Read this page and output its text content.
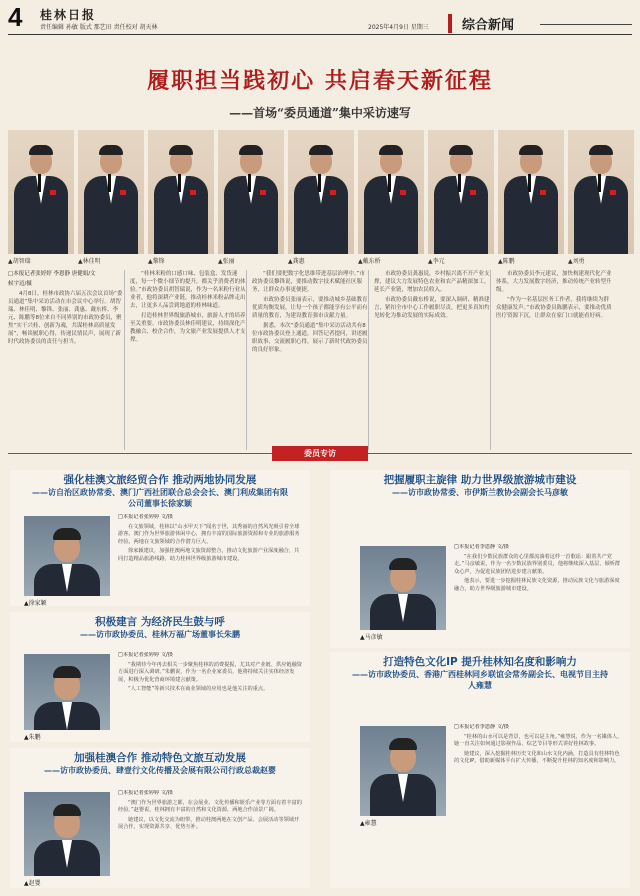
4 桂林日报
责任编辑 孙敏 版式 那艺田 责任校对 胡天林	2025年4月9日 星期三	综合新闻
履职担当践初心 共启春天新征程
——首场“委员通道”集中采访速写
▲胡智瑞	▲林佳明	▲黎锋	▲张丽	▲龚惠	▲戴东桥	▲李元	▲陈鹏	▲刘勇

□本报记者张婷婷 李恩静 唐健娟/文

候宇迈/摄

4月8日，桂林市政协六届五次会议首场“委员通道”集中采访活动在市会议中心举行。胡智瑞、林佳明、黎锋、张丽、龚惠、戴东桥、李元、陈鹏等8位来自不同界别的市政协委员，聚焦“实干兴桂、创新为魂，共谋桂林高质量发展”，畅谈履职心得，传递民情民声，展现了新时代政协委员的责任与担当。

“桂林米粉的口感口味、包装盒、发货速度，每一个微小细节的提升，都关乎消费者的体验。”市政协委员胡智瑞说，作为一名米粉行业从业者，他将深耕产业链，推动桂林米粉品牌走出去，让更多人品尝到地道的桂林味道。

打造桂林世界级旅游城市，旅游人才的培养至关重要。市政协委员林佳明建议，持续深化产教融合、校企合作，为文旅产业发展提供人才支撑。

“我们要把数字化思维带进基层治理中。”市政协委员黎锋说，要推动数字技术赋能社区服务，让群众办事更便捷。

市政协委员张丽表示，要推动城乡基础教育优质均衡发展，让每一个孩子都能享有公平而有质量的教育，为建设教育强市贡献力量。

据悉，本次“委员通道”集中采访活动共有8位市政协委员登上通道，回答记者提问，讲述履职故事，交流履职心得，展示了新时代政协委员的良好形象。

市政协委员龚惠说，乡村振兴离不开产业支撑，建议大力发展特色农业和农产品精深加工，延长产业链，增加农民收入。

市政协委员戴东桥说，要深入调研、精准建言，紧扣全市中心工作履职尽责，把更多真知灼见转化为推动发展的实际成效。

市政协委员李元建议，加快构建现代化产业体系，大力发展数字经济，推动传统产业转型升级。

“作为一名基层医务工作者，我将继续为群众健康发声。”市政协委员陈鹏表示，要推动优质医疗资源下沉，让群众在家门口就能看好病。

委员专访
强化桂澳文旅经贸合作 推动两地协同发展
——访自治区政协常委、澳门广西社团联合总会会长、澳门利成集团有限公司董事长徐家颖
▲徐家颖

□本报记者张婷婷 文/摄

在文旅领域，桂林以“山水甲天下”闻名于世，其秀丽的自然风光吸引着全球游客。澳门作为世界旅游休闲中心，拥有丰富的国际旅游资源和专业的旅游服务经验。两地在文旅领域的合作潜力巨大。

徐家颖建议，加强桂澳两地文旅资源整合，推动文化旅游产业深度融合，共同打造精品旅游线路，助力桂林世界级旅游城市建设。

积极建言 为经济民生鼓与呼
——访市政协委员、桂林万福广场董事长朱鹏
▲朱鹏

□本报记者张婷婷 文/摄

“我期待今年再去相关一步聚焦桂林的消费提振，尤其对产业链、供应链融资方面进行深入调研。”朱鹏说，作为一名企业家委员，他将持续关注实体经济发展，积极为优化营商环境建言献策。

“人工智能”等新兴技术在商业领域的应用也是他关注的重点。

加强桂澳合作 推动特色文旅互动发展
——访市政协委员、肆壹行文化传播及会展有限公司行政总裁赵婴
▲赵婴

□本报记者张婷婷 文/摄

“澳门作为世界旅游之都，在会展业、文化传播和娱乐产业等方面有着丰富的经验。”赵婴说，桂林拥有丰富的自然和文化资源，两地合作前景广阔。

她建议，以文化交流为纽带，推动桂澳两地在文创产品、会展活动等领域开展合作，实现资源共享、优势互补。

把握履职主旋律 助力世界级旅游城市建设
——访市政协常委、市伊斯兰教协会副会长马彦敏
▲马彦敏

□本报记者李恩静 文/摄

“在我们少数民族群众的心里都流淌着这样一首歌谣：跟着共产党走。”马彦敏说，作为一名少数民族界别委员，他将继续深入基层，倾听群众心声，为促进民族团结进步建言献策。

他表示，要进一步挖掘桂林民族文化资源，推动民族文化与旅游深度融合，助力世界级旅游城市建设。

打造特色文化IP 提升桂林知名度和影响力
——访市政协委员、香港广西桂林同乡联谊会常务副会长、电视节目主持人雍慧
▲雍慧

□本报记者李恩静 文/摄

“桂林的山水可以是背景，也可以是主角。”雍慧说，作为一名媒体人，她一直关注如何通过影视作品、综艺节目等形式讲好桂林故事。

她建议，深入挖掘桂林历史文化和山水文化内涵，打造具有桂林特色的文化IP，借助新媒体平台扩大传播，不断提升桂林的知名度和影响力。
